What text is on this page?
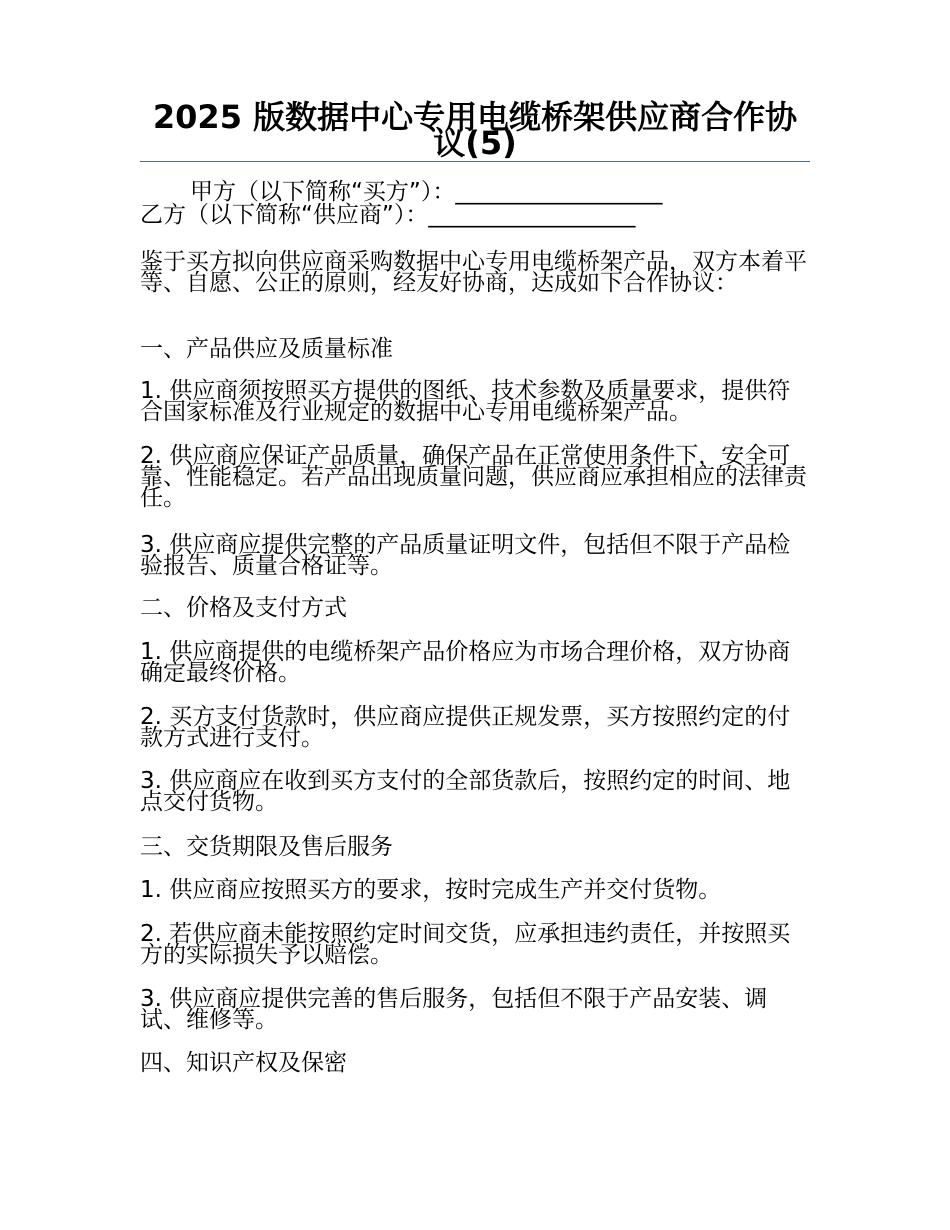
2025 版数据中心专用电缆桥架供应商合作协议(5)
甲方（以下简称“买方”）：__________________
乙方（以下简称“供应商”）：__________________
鉴于买方拟向供应商采购数据中心专用电缆桥架产品，双方本着平等、自愿、公正的原则，经友好协商，达成如下合作协议：
一、产品供应及质量标准
1. 供应商须按照买方提供的图纸、技术参数及质量要求，提供符合国家标准及行业规定的数据中心专用电缆桥架产品。
2. 供应商应保证产品质量，确保产品在正常使用条件下，安全可靠、性能稳定。若产品出现质量问题，供应商应承担相应的法律责任。
3. 供应商应提供完整的产品质量证明文件，包括但不限于产品检验报告、质量合格证等。
二、价格及支付方式
1. 供应商提供的电缆桥架产品价格应为市场合理价格，双方协商确定最终价格。
2. 买方支付货款时，供应商应提供正规发票，买方按照约定的付款方式进行支付。
3. 供应商应在收到买方支付的全部货款后，按照约定的时间、地点交付货物。
三、交货期限及售后服务
1. 供应商应按照买方的要求，按时完成生产并交付货物。
2. 若供应商未能按照约定时间交货，应承担违约责任，并按照买方的实际损失予以赔偿。
3. 供应商应提供完善的售后服务，包括但不限于产品安装、调试、维修等。
四、知识产权及保密
